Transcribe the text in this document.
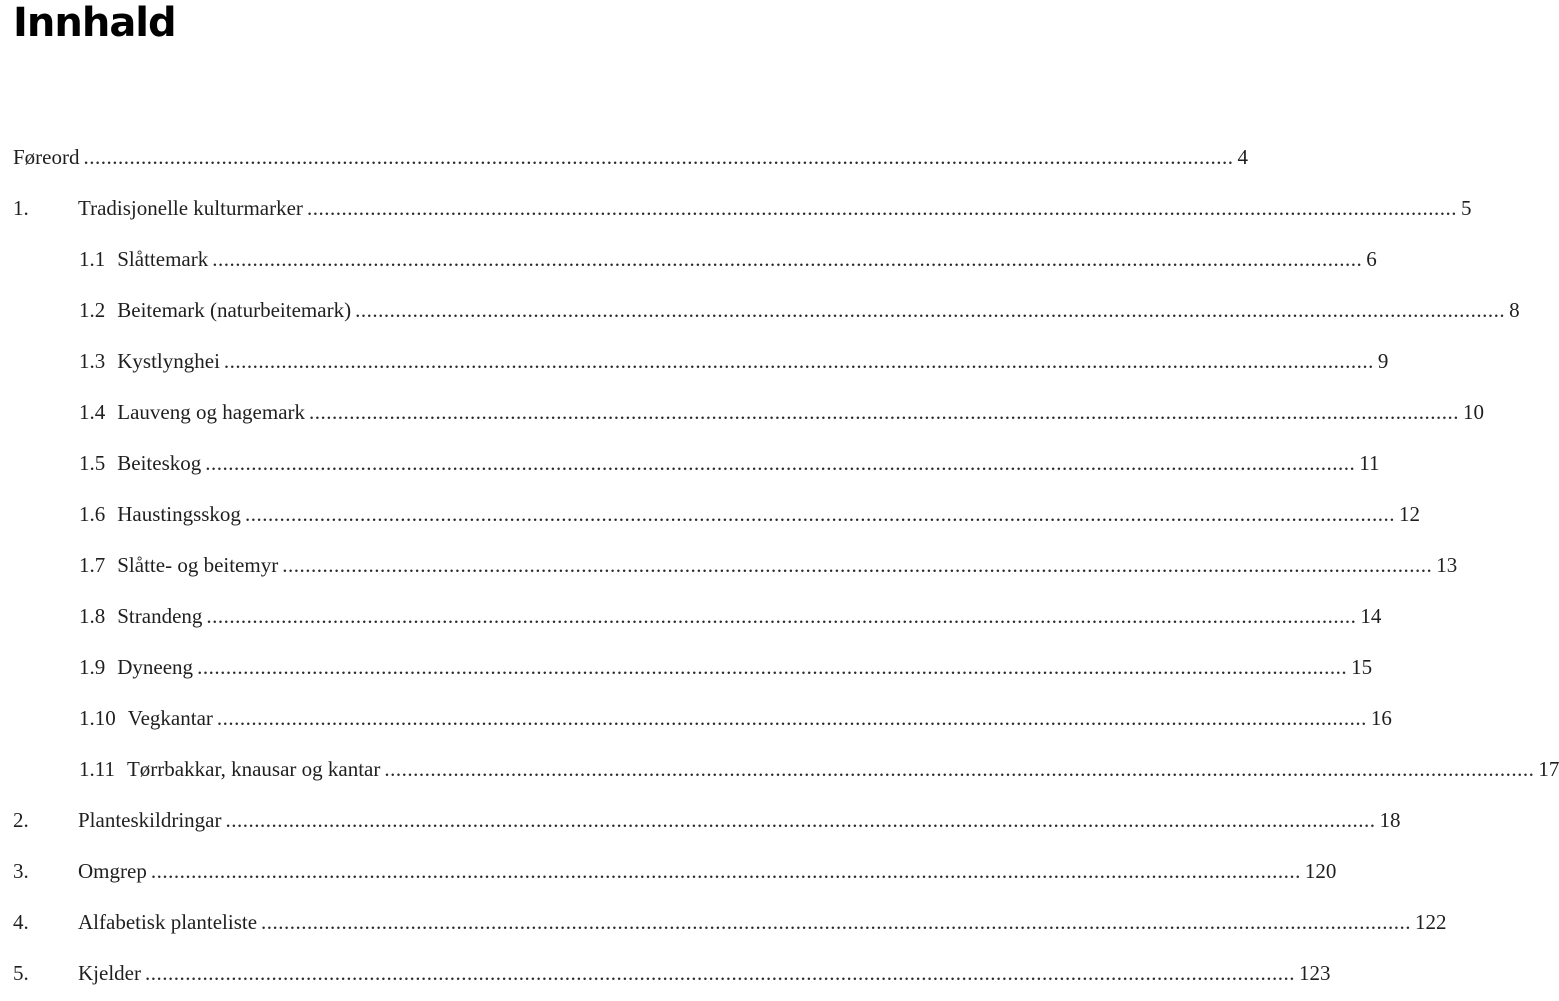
Innhald
Føreord ........................................................................................................................................................................................................ 4
1.	Tradisjonelle kulturmarker ........................................................................................................................................................................................................ 5
1.1 Slåttemark ........................................................................................................................................................................................................ 6
1.2 Beitemark (naturbeitemark) ........................................................................................................................................................................................................ 8
1.3 Kystlynghei ........................................................................................................................................................................................................ 9
1.4 Lauveng og hagemark ........................................................................................................................................................................................................ 10
1.5 Beiteskog ........................................................................................................................................................................................................ 11
1.6 Haustingsskog ........................................................................................................................................................................................................ 12
1.7 Slåtte- og beitemyr ........................................................................................................................................................................................................ 13
1.8 Strandeng ........................................................................................................................................................................................................ 14
1.9 Dyneeng ........................................................................................................................................................................................................ 15
1.10 Vegkantar ........................................................................................................................................................................................................ 16
1.11 Tørrbakkar, knausar og kantar ........................................................................................................................................................................................................ 17
2.	Planteskildringar ........................................................................................................................................................................................................ 18
3.	Omgrep ........................................................................................................................................................................................................ 120
4.	Alfabetisk planteliste ........................................................................................................................................................................................................ 122
5.	Kjelder ........................................................................................................................................................................................................ 123
